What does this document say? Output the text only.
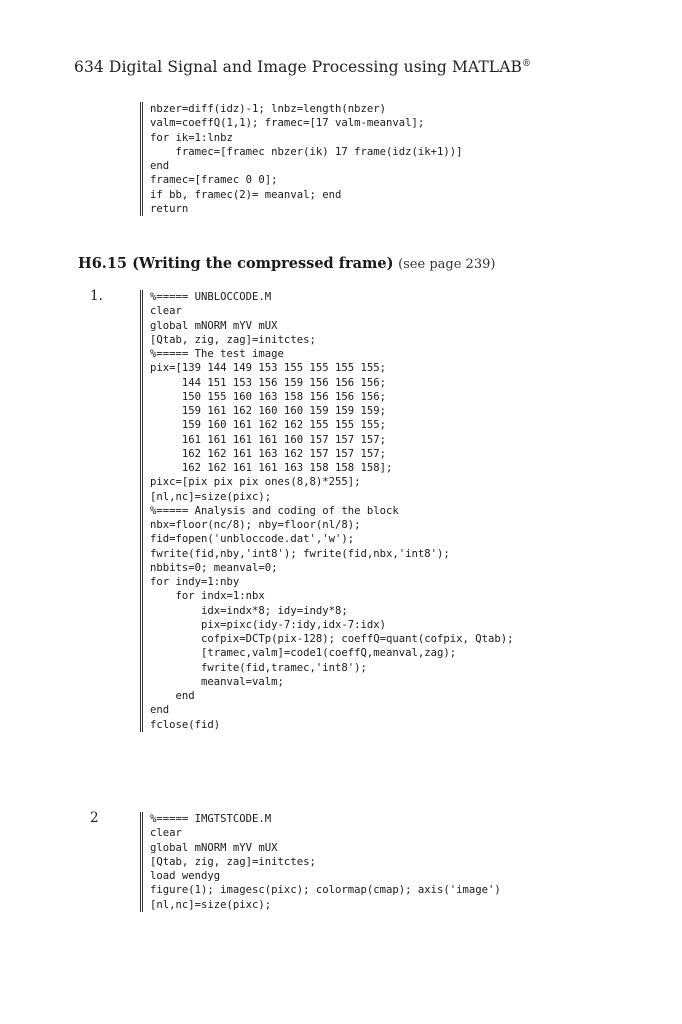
634 Digital Signal and Image Processing using MATLAB®
nbzer=diff(idz)-1; lnbz=length(nbzer)
valm=coeffQ(1,1); framec=[17 valm-meanval];
for ik=1:lnbz
framec=[framec nbzer(ik) 17 frame(idz(ik+1))]
end
framec=[framec 0 0];
if bb, framec(2)= meanval; end
return
H6.15 (Writing the compressed frame) (see page 239)
1.	%===== UNBLOCCODE.M
clear
global mNORM mYV mUX
[Qtab, zig, zag]=initctes;
%===== The test image
pix=[139 144 149 153 155 155 155 155;
144 151 153 156 159 156 156 156;
150 155 160 163 158 156 156 156;
159 161 162 160 160 159 159 159;
159 160 161 162 162 155 155 155;
161 161 161 161 160 157 157 157;
162 162 161 163 162 157 157 157;
162 162 161 161 163 158 158 158];
pixc=[pix pix pix ones(8,8)*255];
[nl,nc]=size(pixc);
%===== Analysis and coding of the block
nbx=floor(nc/8); nby=floor(nl/8);
fid=fopen('unbloccode.dat','w');
fwrite(fid,nby,'int8'); fwrite(fid,nbx,'int8');
nbbits=0; meanval=0;
for indy=1:nby
for indx=1:nbx
idx=indx*8; idy=indy*8;
pix=pixc(idy-7:idy,idx-7:idx)
cofpix=DCTp(pix-128); coeffQ=quant(cofpix, Qtab);
[tramec,valm]=code1(coeffQ,meanval,zag);
fwrite(fid,tramec,'int8');
meanval=valm;
end
end
fclose(fid)
2	%===== IMGTSTCODE.M
clear
global mNORM mYV mUX
[Qtab, zig, zag]=initctes;
load wendyg
figure(1); imagesc(pixc); colormap(cmap); axis('image')
[nl,nc]=size(pixc);
